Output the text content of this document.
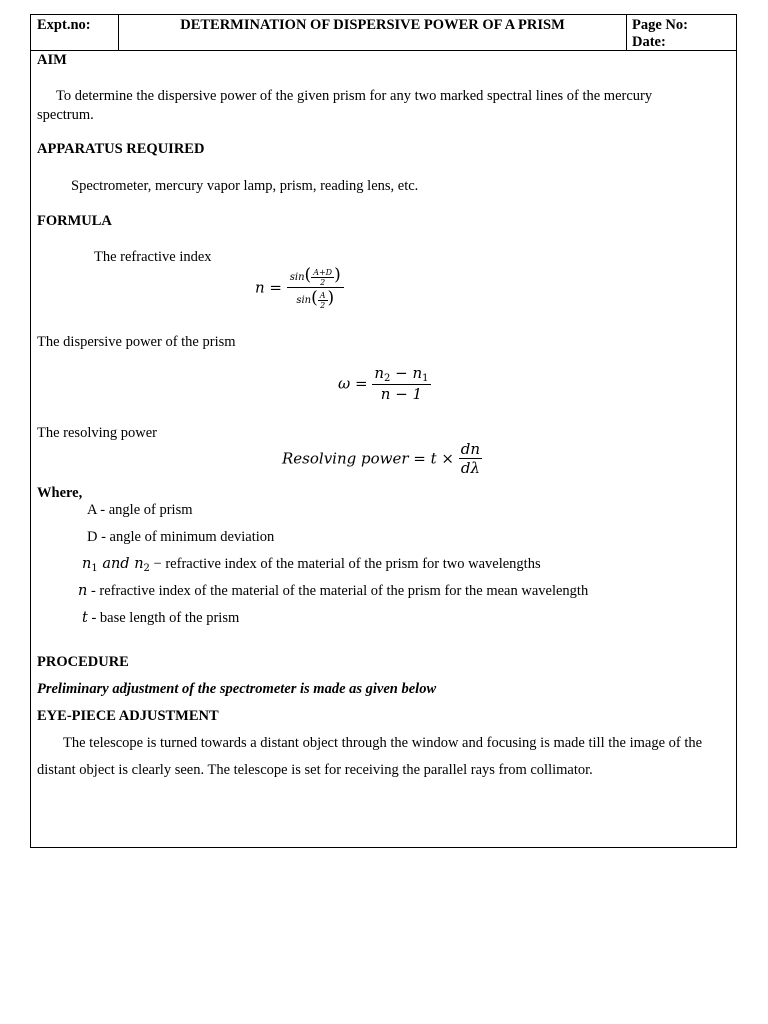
Expt.no:	DETERMINATION OF DISPERSIVE POWER OF A PRISM	Page No:
Date:
AIM
To determine the dispersive power of the given prism for any two marked spectral lines of the mercury
spectrum.
APPARATUS REQUIRED
Spectrometer, mercury vapor lamp, prism, reading lens, etc.
FORMULA
The refractive index
$n = \frac{\sin( \frac{A+D}{2} )}{\sin( \frac{A}{2} )}$
The dispersive power of the prism
$\omega = \frac{n_2 - n_1}{n - 1}$
The resolving power
Resolving power = $t \times \frac{dn}{d\lambda}$
Where,
A - angle of prism
D - angle of minimum deviation
$n_1$ and $n_2$ − refractive index of the material of the prism for two wavelengths
n - refractive index of the material of the material of the prism for the mean wavelength
t - base length of the prism
PROCEDURE
Preliminary adjustment of the spectrometer is made as given below
EYE-PIECE ADJUSTMENT
The telescope is turned towards a distant object through the window and focusing is made till the image of the
distant object is clearly seen. The telescope is set for receiving the parallel rays from collimator.
